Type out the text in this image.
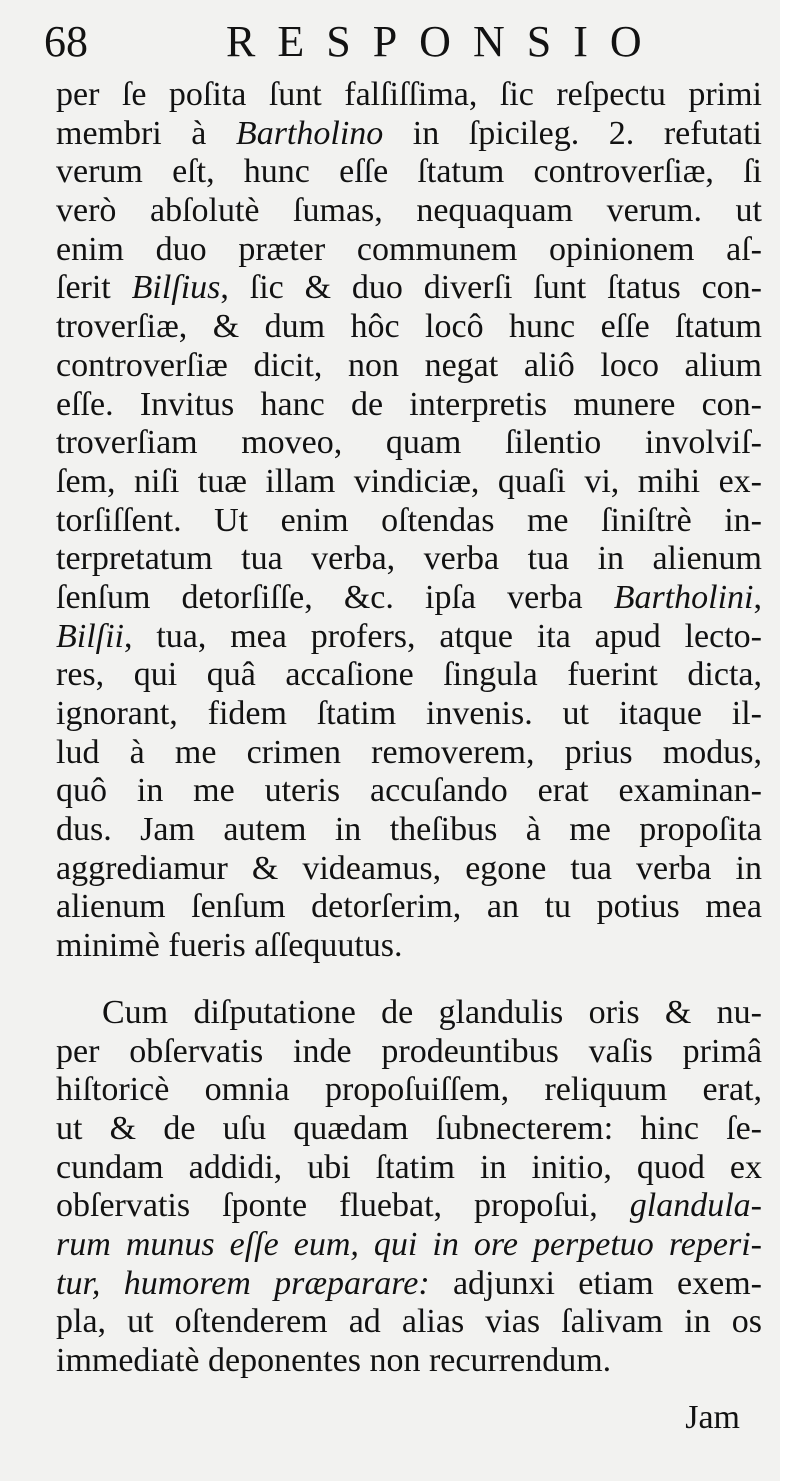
68	RESPONSIO
per ſe poſita ſunt falſiſſima, ſic reſpectu primi
membri à Bartholino in ſpicileg. 2. refutati
verum eſt, hunc eſſe ſtatum controverſiæ, ſi
verò abſolutè ſumas, nequaquam verum. ut
enim duo præter communem opinionem aſ-
ſerit Bilſius, ſic & duo diverſi ſunt ſtatus con-
troverſiæ, & dum hôc locô hunc eſſe ſtatum
controverſiæ dicit, non negat aliô loco alium
eſſe. Invitus hanc de interpretis munere con-
troverſiam moveo, quam ſilentio involviſ-
ſem, niſi tuæ illam vindiciæ, quaſi vi, mihi ex-
torſiſſent. Ut enim oſtendas me ſiniſtrè in-
terpretatum tua verba, verba tua in alienum
ſenſum detorſiſſe, &c. ipſa verba Bartholini,
Bilſii, tua, mea profers, atque ita apud lecto-
res, qui quâ accaſione ſingula fuerint dicta,
ignorant, fidem ſtatim invenis. ut itaque il-
lud à me crimen removerem, prius modus,
quô in me uteris accuſando erat examinan-
dus. Jam autem in theſibus à me propoſita
aggrediamur & videamus, egone tua verba in
alienum ſenſum detorſerim, an tu potius mea
minimè fueris aſſequutus.
Cum diſputatione de glandulis oris & nu-
per obſervatis inde prodeuntibus vaſis primâ
hiſtoricè omnia propoſuiſſem, reliquum erat,
ut & de uſu quædam ſubnecterem: hinc ſe-
cundam addidi, ubi ſtatim in initio, quod ex
obſervatis ſponte fluebat, propoſui, glandula-
rum munus eſſe eum, qui in ore perpetuo reperi-
tur, humorem præparare: adjunxi etiam exem-
pla, ut oſtenderem ad alias vias ſalivam in os
immediatè deponentes non recurrendum.
Jam
